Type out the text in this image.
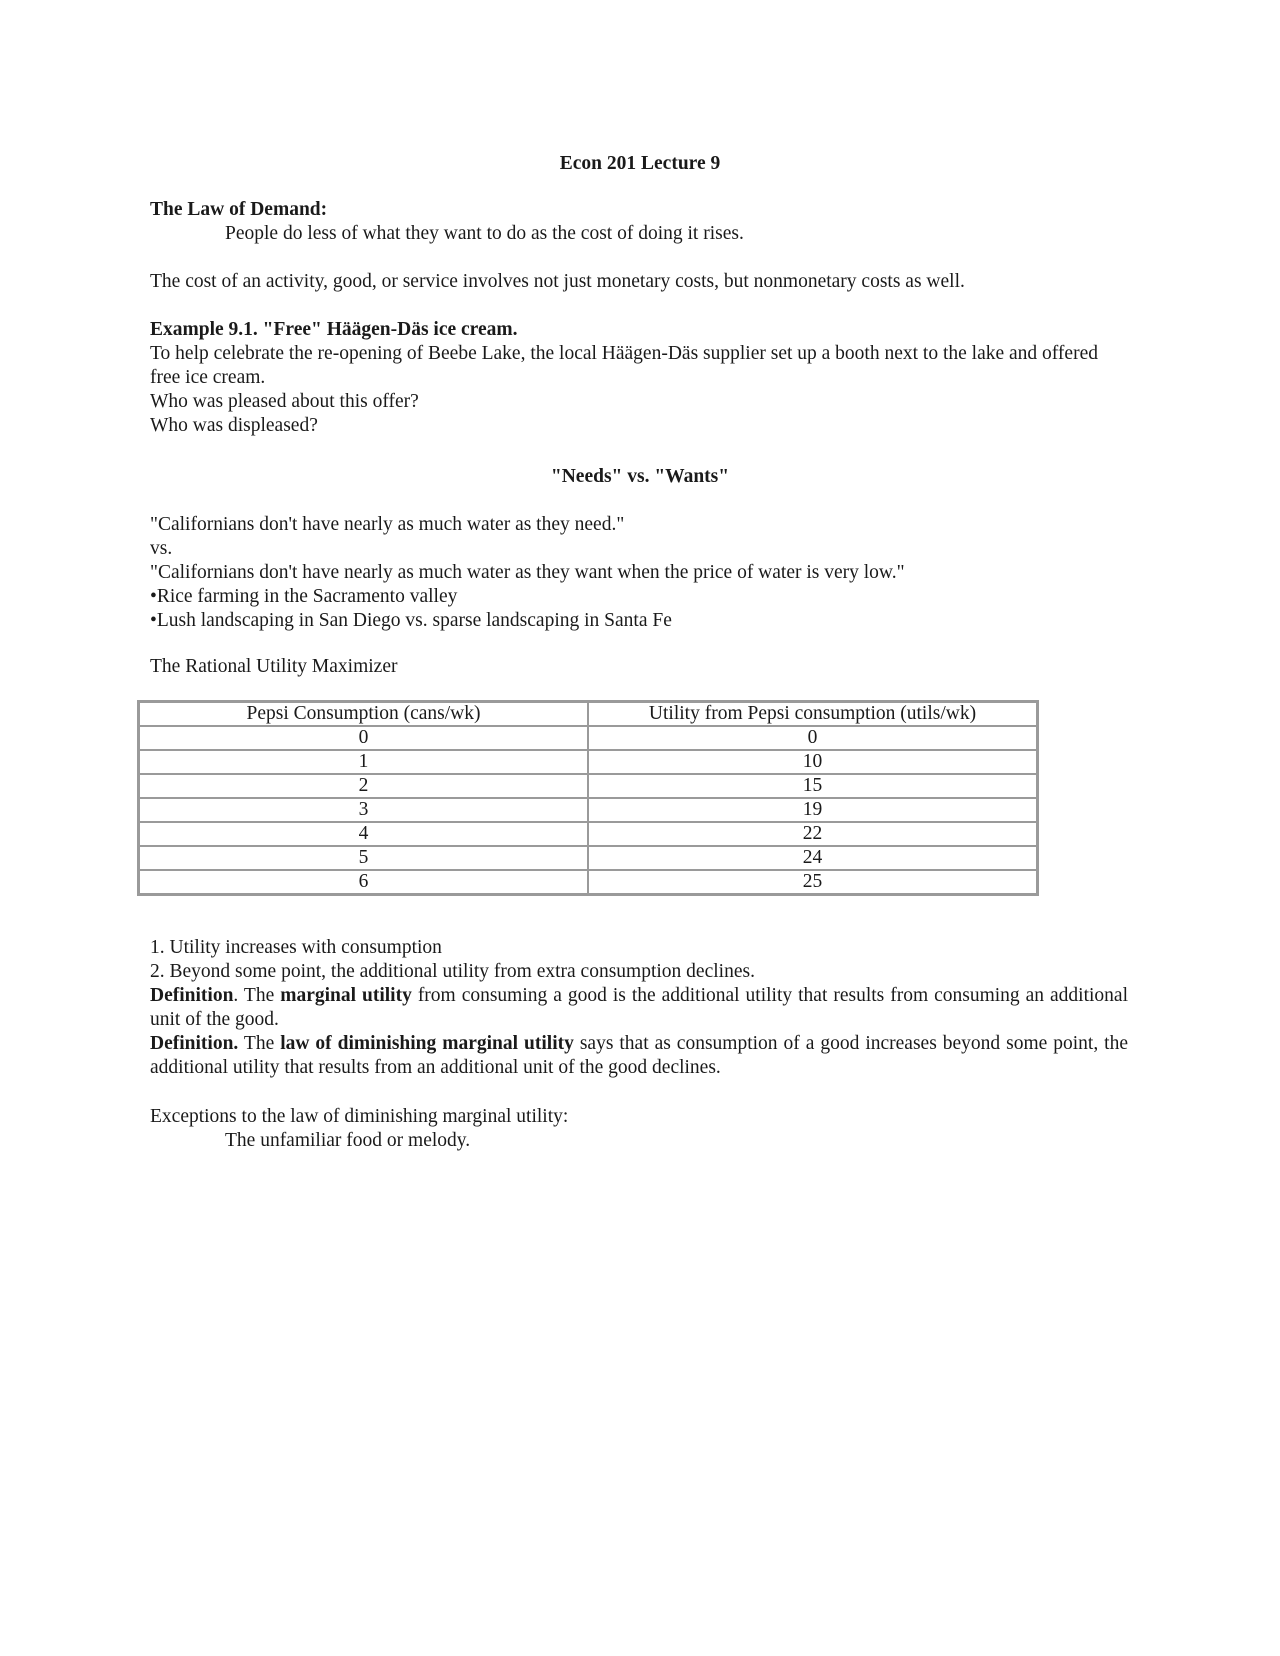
Econ 201 Lecture 9

The Law of Demand:

People do less of what they want to do as the cost of doing it rises.

The cost of an activity, good, or service involves not just monetary costs, but nonmonetary costs as well.

Example 9.1. "Free" Häägen-Däs ice cream.

To help celebrate the re-opening of Beebe Lake, the local Häägen-Däs supplier set up a booth next to the lake and offered free ice cream.

Who was pleased about this offer?

Who was displeased?

"Needs" vs. "Wants"

"Californians don't have nearly as much water as they need."

vs.

"Californians don't have nearly as much water as they want when the price of water is very low."

•Rice farming in the Sacramento valley

•Lush landscaping in San Diego vs. sparse landscaping in Santa Fe

The Rational Utility Maximizer
Pepsi Consumption (cans/wk)	Utility from Pepsi consumption (utils/wk)
0	0
1	10
2	15
3	19
4	22
5	24
6	25

1. Utility increases with consumption

2. Beyond some point, the additional utility from extra consumption declines.

Definition. The marginal utility from consuming a good is the additional utility that results from consuming an additional unit of the good.

Definition. The law of diminishing marginal utility says that as consumption of a good increases beyond some point, the additional utility that results from an additional unit of the good declines.

Exceptions to the law of diminishing marginal utility:

The unfamiliar food or melody.
